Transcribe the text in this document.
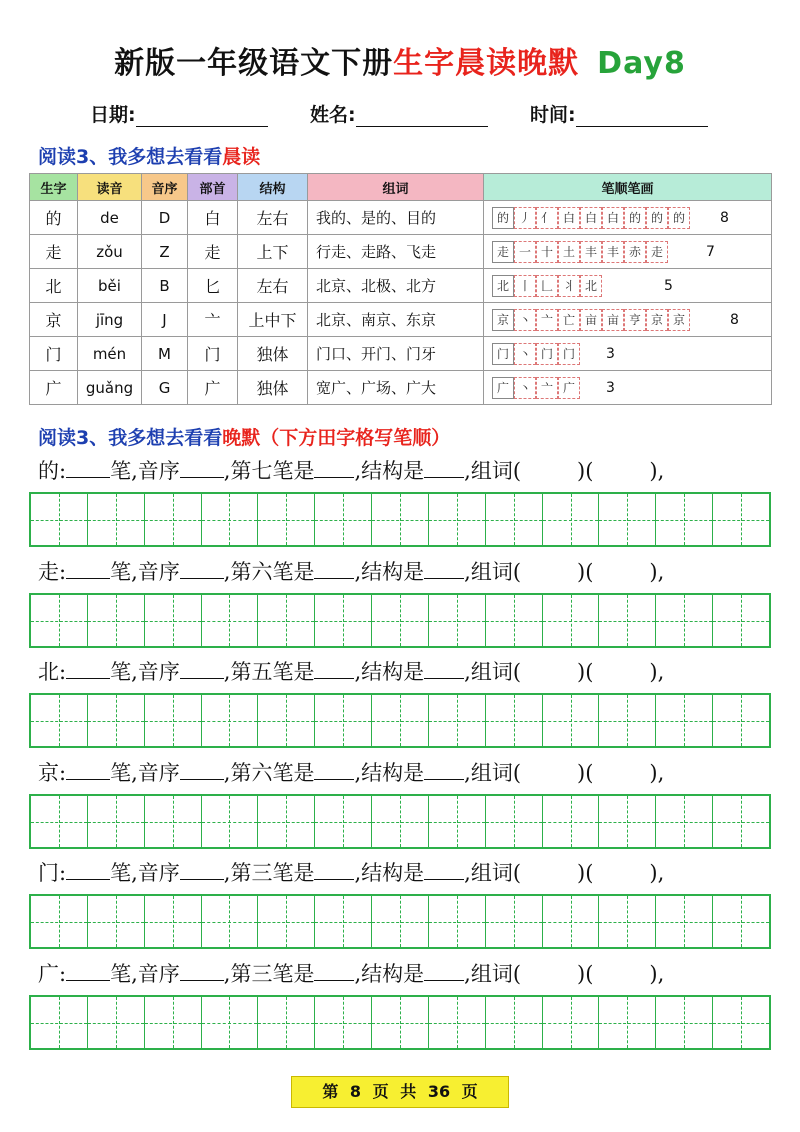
新版一年级语文下册生字晨读晚默 Day8
日期:	姓名:	时间:
阅读3、我多想去看看晨读
生字	读音	音序	部首	结构	组词	笔顺笔画
的	de	D	白	左右	我的、是的、目的	的 丿 亻 白 白 白 的 的 的 8

走	zǒu	Z	走	上下	行走、走路、飞走	走 一 十 土 丰 丰 赤 走 7

北	běi	B	匕	左右	北京、北极、北方	北 丨 𠃊 丬 北 5

京	jīng	J	亠	上中下	北京、南京、东京	京 丶 亠 亡 亩 亩 亨 京 京 8

门	mén	M	门	独体	门口、开门、门牙	门 丶 门 门 3

广	guǎng	G	广	独体	宽广、广场、广大	广 丶 亠 广 3
阅读3、我多想去看看晚默（下方田字格写笔顺）
的: 笔,音序 ,第七笔是 ,结构是 ,组词(	)(	),
走: 笔,音序 ,第六笔是 ,结构是 ,组词(	)(	),
北: 笔,音序 ,第五笔是 ,结构是 ,组词(	)(	),
京: 笔,音序 ,第六笔是 ,结构是 ,组词(	)(	),
门: 笔,音序 ,第三笔是 ,结构是 ,组词(	)(	),
广: 笔,音序 ,第三笔是 ,结构是 ,组词(	)(	),
第 8 页 共 36 页
